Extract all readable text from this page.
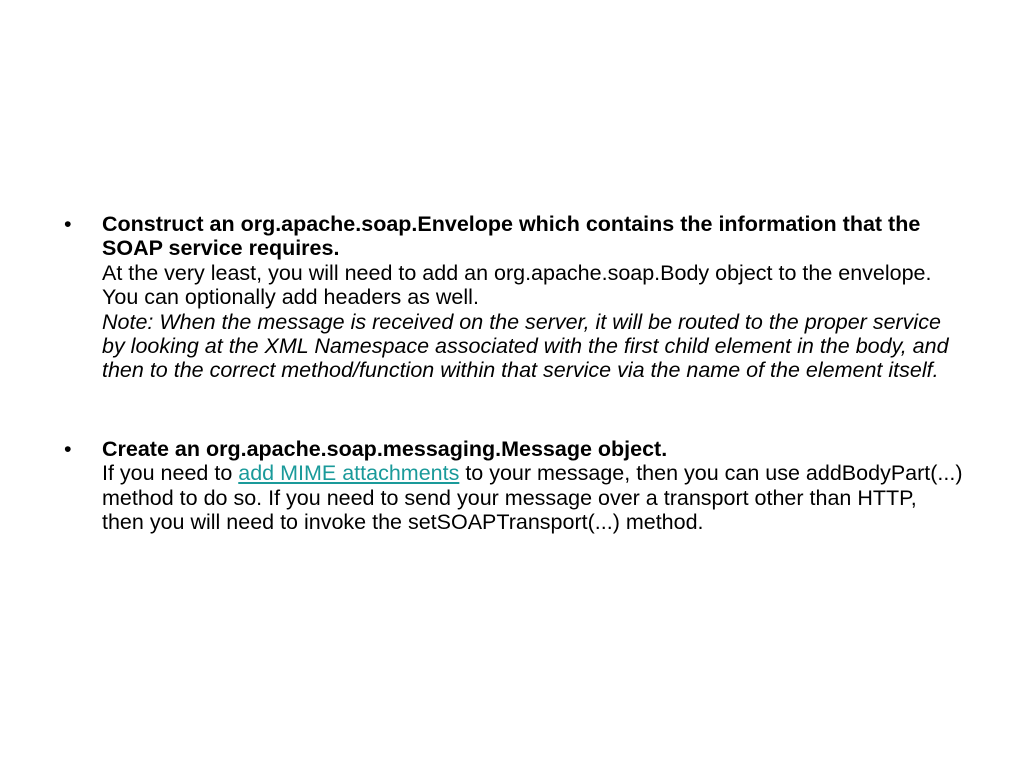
•	Construct an org.apache.soap.Envelope which contains the information that the SOAP service requires.
At the very least, you will need to add an org.apache.soap.Body object to the envelope. You can optionally add headers as well.
Note: When the message is received on the server, it will be routed to the proper service by looking at the XML Namespace associated with the first child element in the body, and then to the correct method/function within that service via the name of the element itself.
•	Create an org.apache.soap.messaging.Message object.
If you need to add MIME attachments to your message, then you can use addBodyPart(...) method to do so. If you need to send your message over a transport other than HTTP, then you will need to invoke the setSOAPTransport(...) method.
